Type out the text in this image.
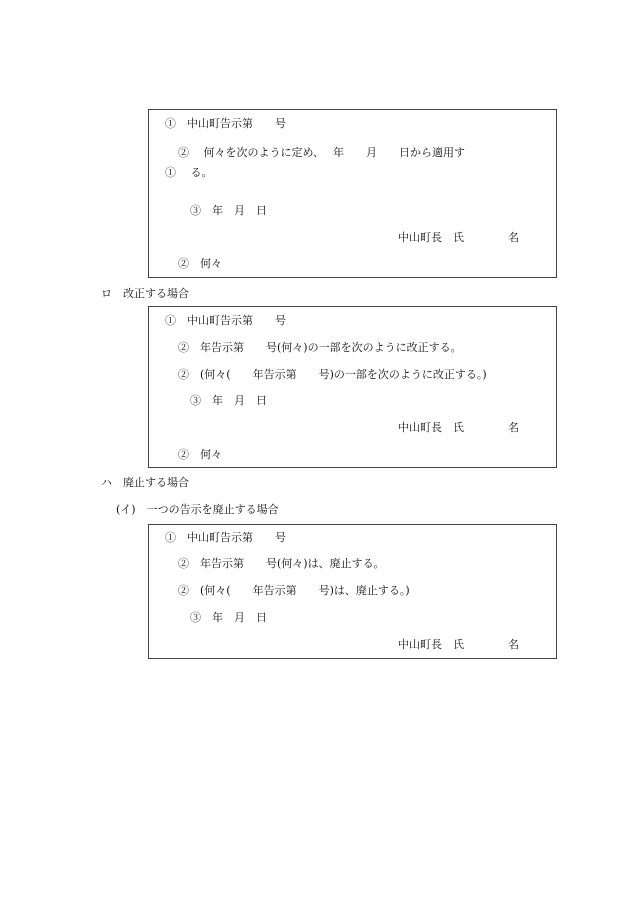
①　中山町告示第　　号
②　 何々を次のように定め、　 年　　月　　日から適用す
①　 る。
③　年　月　日
中山町長　氏　　　　名
②　何々
ロ　改正する場合
①　中山町告示第　　号
②　年告示第　　号(何々)の一部を次のように改正する。
②　(何々(　　年告示第　　号)の一部を次のように改正する。)
③　年　月　日
中山町長　氏　　　　名
②　何々
ハ　廃止する場合
(イ)　一つの告示を廃止する場合
①　中山町告示第　　号
②　年告示第　　号(何々)は、廃止する。
②　(何々(　　年告示第　　号)は、廃止する。)
③　年　月　日
中山町長　氏　　　　名
